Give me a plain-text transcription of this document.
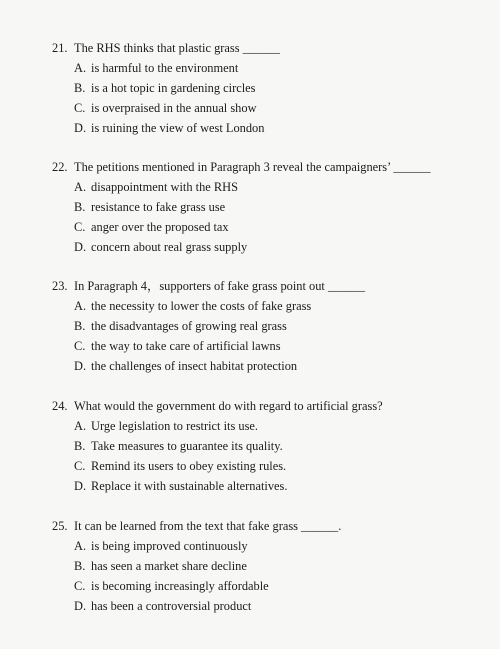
21. The RHS thinks that plastic grass ______
A. is harmful to the environment
B. is a hot topic in gardening circles
C. is overpraised in the annual show
D. is ruining the view of west London
22. The petitions mentioned in Paragraph 3 reveal the campaigners’ ______
A. disappointment with the RHS
B. resistance to fake grass use
C. anger over the proposed tax
D. concern about real grass supply
23. In Paragraph 4，supporters of fake grass point out ______
A. the necessity to lower the costs of fake grass
B. the disadvantages of growing real grass
C. the way to take care of artificial lawns
D. the challenges of insect habitat protection
24. What would the government do with regard to artificial grass?
A. Urge legislation to restrict its use.
B. Take measures to guarantee its quality.
C. Remind its users to obey existing rules.
D. Replace it with sustainable alternatives.
25. It can be learned from the text that fake grass ______.
A. is being improved continuously
B. has seen a market share decline
C. is becoming increasingly affordable
D. has been a controversial product
